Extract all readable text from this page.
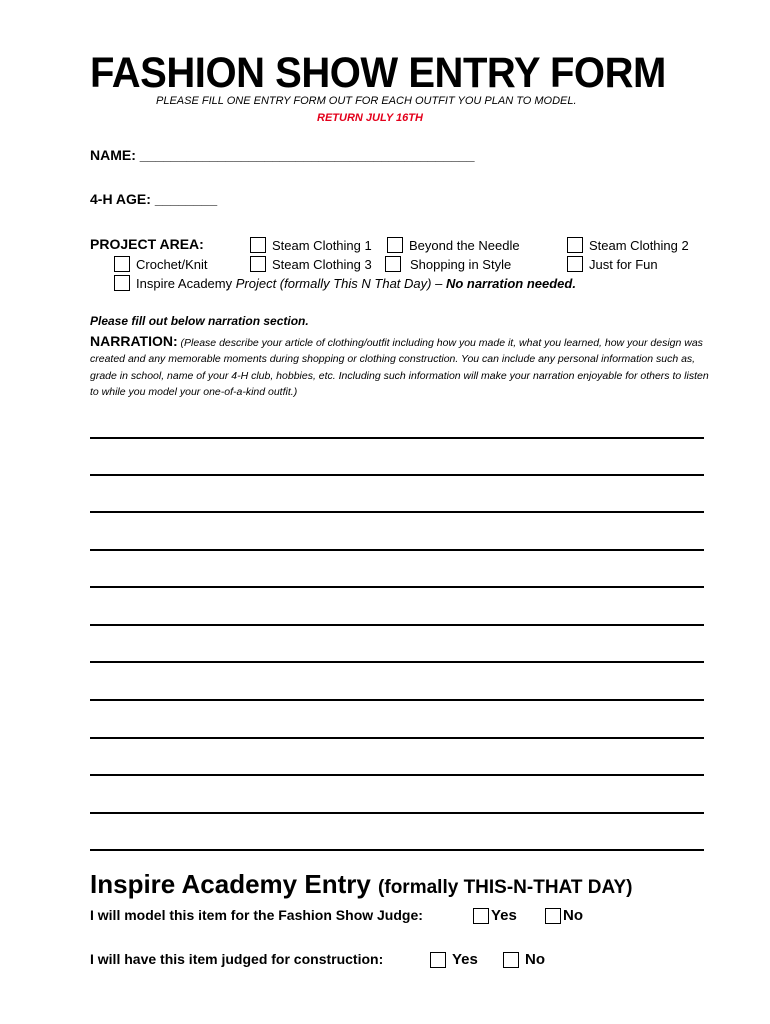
FASHION SHOW ENTRY FORM
PLEASE FILL ONE ENTRY FORM OUT FOR EACH OUTFIT YOU PLAN TO MODEL.
RETURN JULY 16TH
NAME: ___________________________________________
4-H AGE: ________
PROJECT AREA:	Steam Clothing 1	Beyond the Needle	Steam Clothing 2
Crochet/Knit	Steam Clothing 3	Shopping in Style	Just for Fun
Inspire Academy Project (formally This N That Day) – No narration needed.
Please fill out below narration section.
NARRATION: (Please describe your article of clothing/outfit including how you made it, what you learned, how your design was created and any memorable moments during shopping or clothing construction. You can include any personal information such as, grade in school, name of your 4-H club, hobbies, etc. Including such information will make your narration enjoyable for others to listen to while you model your one-of-a-kind outfit.)
Inspire Academy Entry (formally THIS-N-THAT DAY)
I will model this item for the Fashion Show Judge:	Yes	No
I will have this item judged for construction:	Yes	No
